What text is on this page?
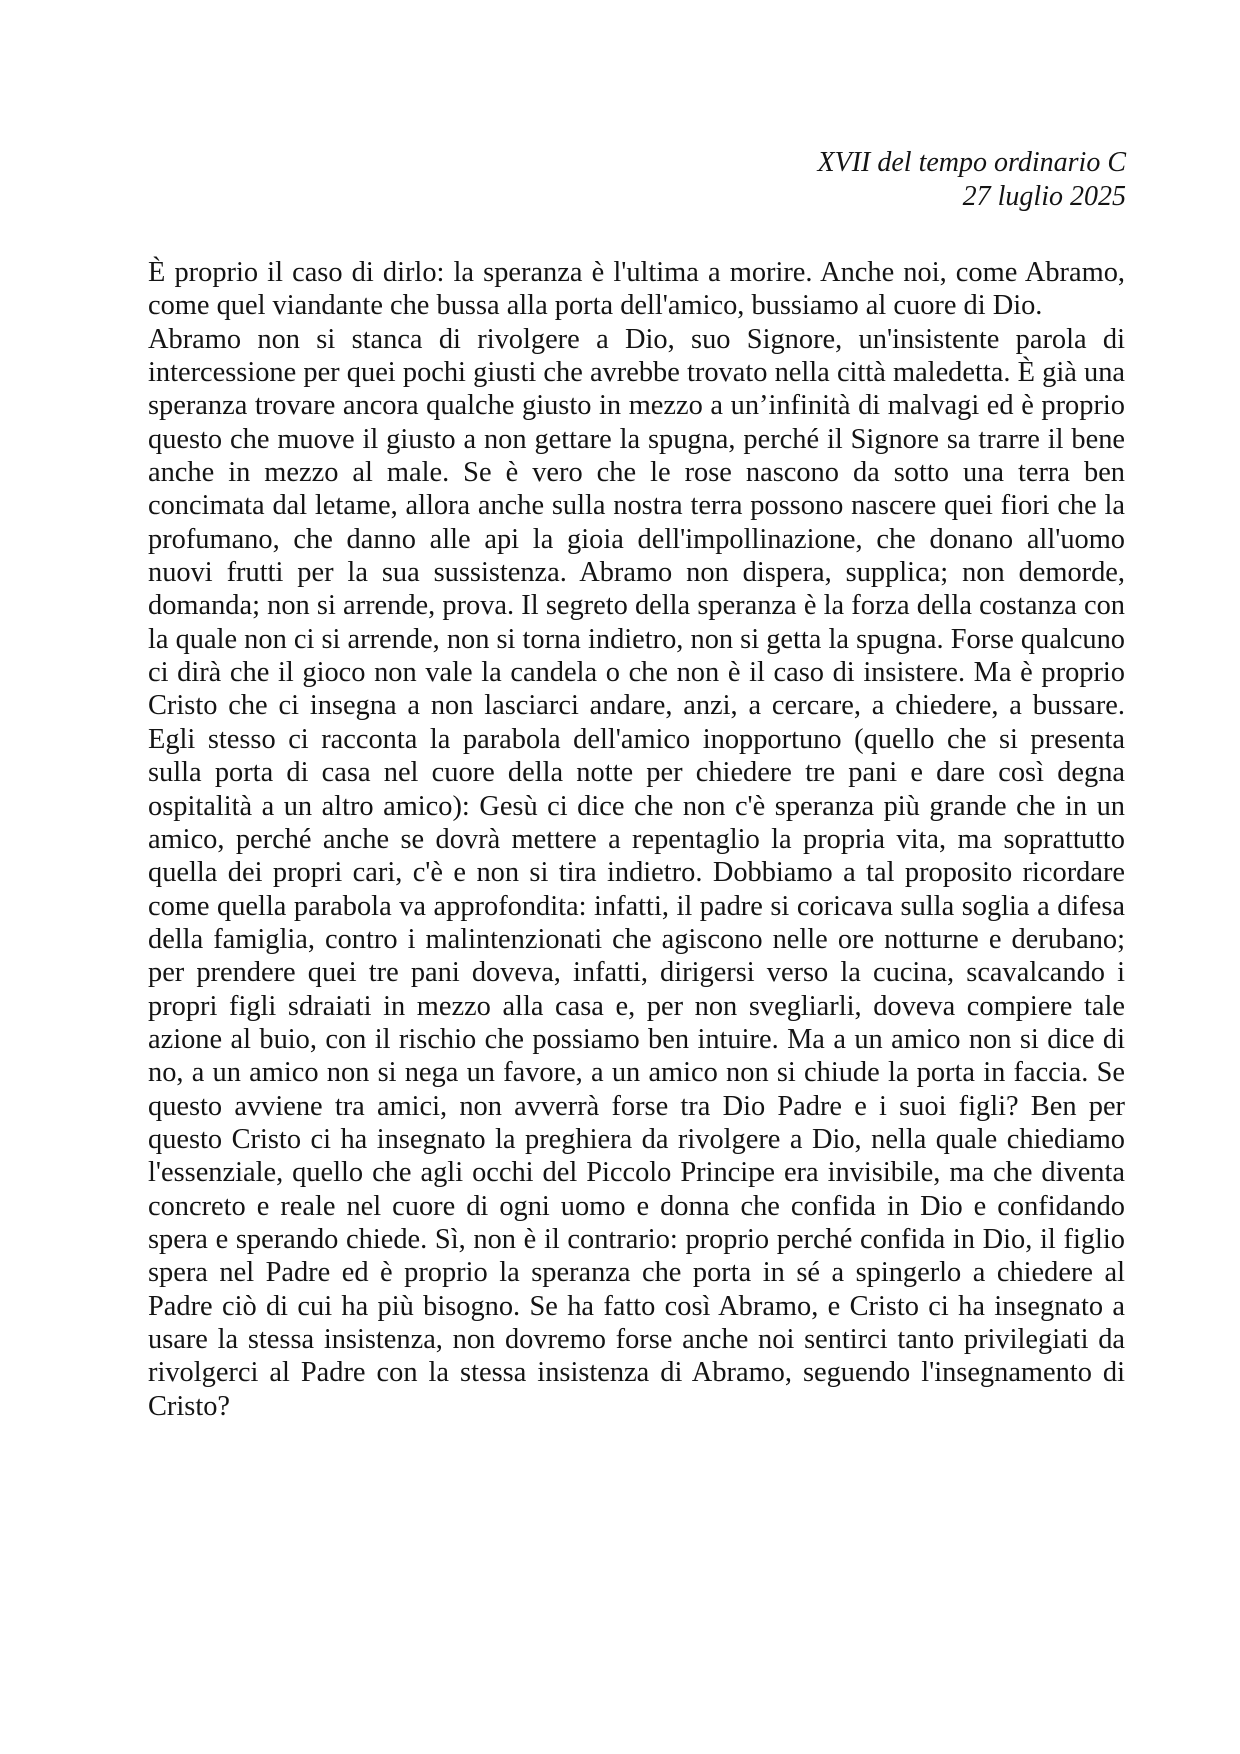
XVII del tempo ordinario C
27 luglio 2025

È proprio il caso di dirlo: la speranza è l'ultima a morire. Anche noi, come Abramo, come quel viandante che bussa alla porta dell'amico, bussiamo al cuore di Dio.

Abramo non si stanca di rivolgere a Dio, suo Signore, un'insistente parola di intercessione per quei pochi giusti che avrebbe trovato nella città maledetta. È già una speranza trovare ancora qualche giusto in mezzo a un’infinità di malvagi ed è proprio questo che muove il giusto a non gettare la spugna, perché il Signore sa trarre il bene anche in mezzo al male. Se è vero che le rose nascono da sotto una terra ben concimata dal letame, allora anche sulla nostra terra possono nascere quei fiori che la profumano, che danno alle api la gioia dell'impollinazione, che donano all'uomo nuovi frutti per la sua sussistenza. Abramo non dispera, supplica; non demorde, domanda; non si arrende, prova. Il segreto della speranza è la forza della costanza con la quale non ci si arrende, non si torna indietro, non si getta la spugna. Forse qualcuno ci dirà che il gioco non vale la candela o che non è il caso di insistere. Ma è proprio Cristo che ci insegna a non lasciarci andare, anzi, a cercare, a chiedere, a bussare. Egli stesso ci racconta la parabola dell'amico inopportuno (quello che si presenta sulla porta di casa nel cuore della notte per chiedere tre pani e dare così degna ospitalità a un altro amico): Gesù ci dice che non c'è speranza più grande che in un amico, perché anche se dovrà mettere a repentaglio la propria vita, ma soprattutto quella dei propri cari, c'è e non si tira indietro. Dobbiamo a tal proposito ricordare come quella parabola va approfondita: infatti, il padre si coricava sulla soglia a difesa della famiglia, contro i malintenzionati che agiscono nelle ore notturne e derubano; per prendere quei tre pani doveva, infatti, dirigersi verso la cucina, scavalcando i propri figli sdraiati in mezzo alla casa e, per non svegliarli, doveva compiere tale azione al buio, con il rischio che possiamo ben intuire. Ma a un amico non si dice di no, a un amico non si nega un favore, a un amico non si chiude la porta in faccia. Se questo avviene tra amici, non avverrà forse tra Dio Padre e i suoi figli? Ben per questo Cristo ci ha insegnato la preghiera da rivolgere a Dio, nella quale chiediamo l'essenziale, quello che agli occhi del Piccolo Principe era invisibile, ma che diventa concreto e reale nel cuore di ogni uomo e donna che confida in Dio e confidando spera e sperando chiede. Sì, non è il contrario: proprio perché confida in Dio, il figlio spera nel Padre ed è proprio la speranza che porta in sé a spingerlo a chiedere al Padre ciò di cui ha più bisogno. Se ha fatto così Abramo, e Cristo ci ha insegnato a usare la stessa insistenza, non dovremo forse anche noi sentirci tanto privilegiati da rivolgerci al Padre con la stessa insistenza di Abramo, seguendo l'insegnamento di Cristo?
